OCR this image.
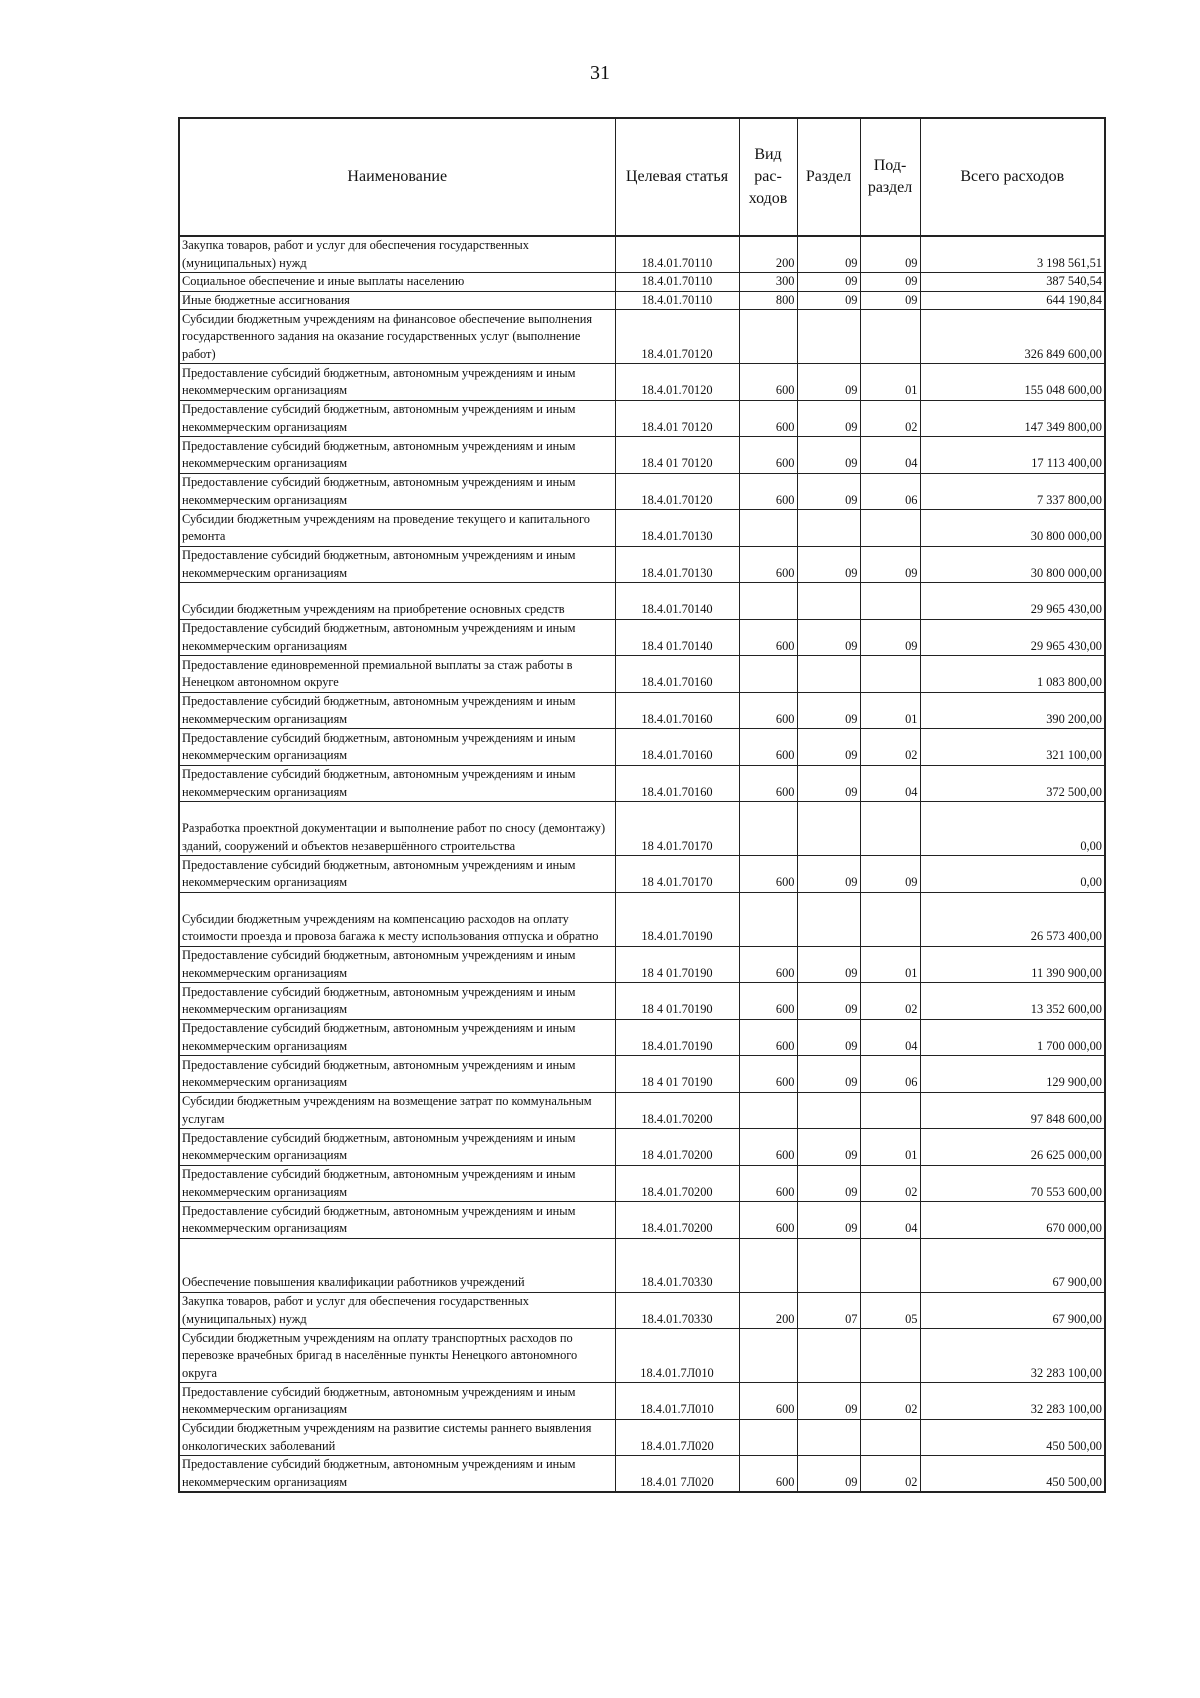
31
Наименование	Целевая статья	Вид рас- ходов	Раздел	Под- раздел	Всего расходов
Закупка товаров, работ и услуг для обеспечения государственных (муниципальных) нужд	18.4.01.70110	200	09	09	3 198 561,51
Социальное обеспечение и иные выплаты населению	18.4.01.70110	300	09	09	387 540,54
Иные бюджетные ассигнования	18.4.01.70110	800	09	09	644 190,84
Субсидии бюджетным учреждениям на финансовое обеспечение выполнения государственного задания на оказание государственных услуг (выполнение работ)	18.4.01.70120				326 849 600,00
Предоставление субсидий бюджетным, автономным учреждениям и иным некоммерческим организациям	18.4.01.70120	600	09	01	155 048 600,00
Предоставление субсидий бюджетным, автономным учреждениям и иным некоммерческим организациям	18.4.01 70120	600	09	02	147 349 800,00
Предоставление субсидий бюджетным, автономным учреждениям и иным некоммерческим организациям	18.4 01 70120	600	09	04	17 113 400,00
Предоставление субсидий бюджетным, автономным учреждениям и иным некоммерческим организациям	18.4.01.70120	600	09	06	7 337 800,00
Субсидии бюджетным учреждениям на проведение текущего и капитального ремонта	18.4.01.70130				30 800 000,00
Предоставление субсидий бюджетным, автономным учреждениям и иным некоммерческим организациям	18.4.01.70130	600	09	09	30 800 000,00
Субсидии бюджетным учреждениям на приобретение основных средств	18.4.01.70140				29 965 430,00
Предоставление субсидий бюджетным, автономным учреждениям и иным некоммерческим организациям	18.4 01.70140	600	09	09	29 965 430,00
Предоставление единовременной премиальной выплаты за стаж работы в Ненецком автономном округе	18.4.01.70160				1 083 800,00
Предоставление субсидий бюджетным, автономным учреждениям и иным некоммерческим организациям	18.4.01.70160	600	09	01	390 200,00
Предоставление субсидий бюджетным, автономным учреждениям и иным некоммерческим организациям	18.4.01.70160	600	09	02	321 100,00
Предоставление субсидий бюджетным, автономным учреждениям и иным некоммерческим организациям	18.4.01.70160	600	09	04	372 500,00
Разработка проектной документации и выполнение работ по сносу (демонтажу) зданий, сооружений и объектов незавершённого строительства	18 4.01.70170				0,00
Предоставление субсидий бюджетным, автономным учреждениям и иным некоммерческим организациям	18 4.01.70170	600	09	09	0,00
Субсидии бюджетным учреждениям на компенсацию расходов на оплату стоимости проезда и провоза багажа к месту использования отпуска и обратно	18.4.01.70190				26 573 400,00
Предоставление субсидий бюджетным, автономным учреждениям и иным некоммерческим организациям	18 4 01.70190	600	09	01	11 390 900,00
Предоставление субсидий бюджетным, автономным учреждениям и иным некоммерческим организациям	18 4 01.70190	600	09	02	13 352 600,00
Предоставление субсидий бюджетным, автономным учреждениям и иным некоммерческим организациям	18.4.01.70190	600	09	04	1 700 000,00
Предоставление субсидий бюджетным, автономным учреждениям и иным некоммерческим организациям	18 4 01 70190	600	09	06	129 900,00
Субсидии бюджетным учреждениям на возмещение затрат по коммунальным услугам	18.4.01.70200				97 848 600,00
Предоставление субсидий бюджетным, автономным учреждениям и иным некоммерческим организациям	18 4.01.70200	600	09	01	26 625 000,00
Предоставление субсидий бюджетным, автономным учреждениям и иным некоммерческим организациям	18.4.01.70200	600	09	02	70 553 600,00
Предоставление субсидий бюджетным, автономным учреждениям и иным некоммерческим организациям	18.4.01.70200	600	09	04	670 000,00
Обеспечение повышения квалификации работников учреждений	18.4.01.70330				67 900,00
Закупка товаров, работ и услуг для обеспечения государственных (муниципальных) нужд	18.4.01.70330	200	07	05	67 900,00
Субсидии бюджетным учреждениям на оплату транспортных расходов по перевозке врачебных бригад в населённые пункты Ненецкого автономного округа	18.4.01.7Л010				32 283 100,00
Предоставление субсидий бюджетным, автономным учреждениям и иным некоммерческим организациям	18.4.01.7Л010	600	09	02	32 283 100,00
Субсидии бюджетным учреждениям на развитие системы раннего выявления онкологических заболеваний	18.4.01.7Л020				450 500,00
Предоставление субсидий бюджетным, автономным учреждениям и иным некоммерческим организациям	18.4.01 7Л020	600	09	02	450 500,00
